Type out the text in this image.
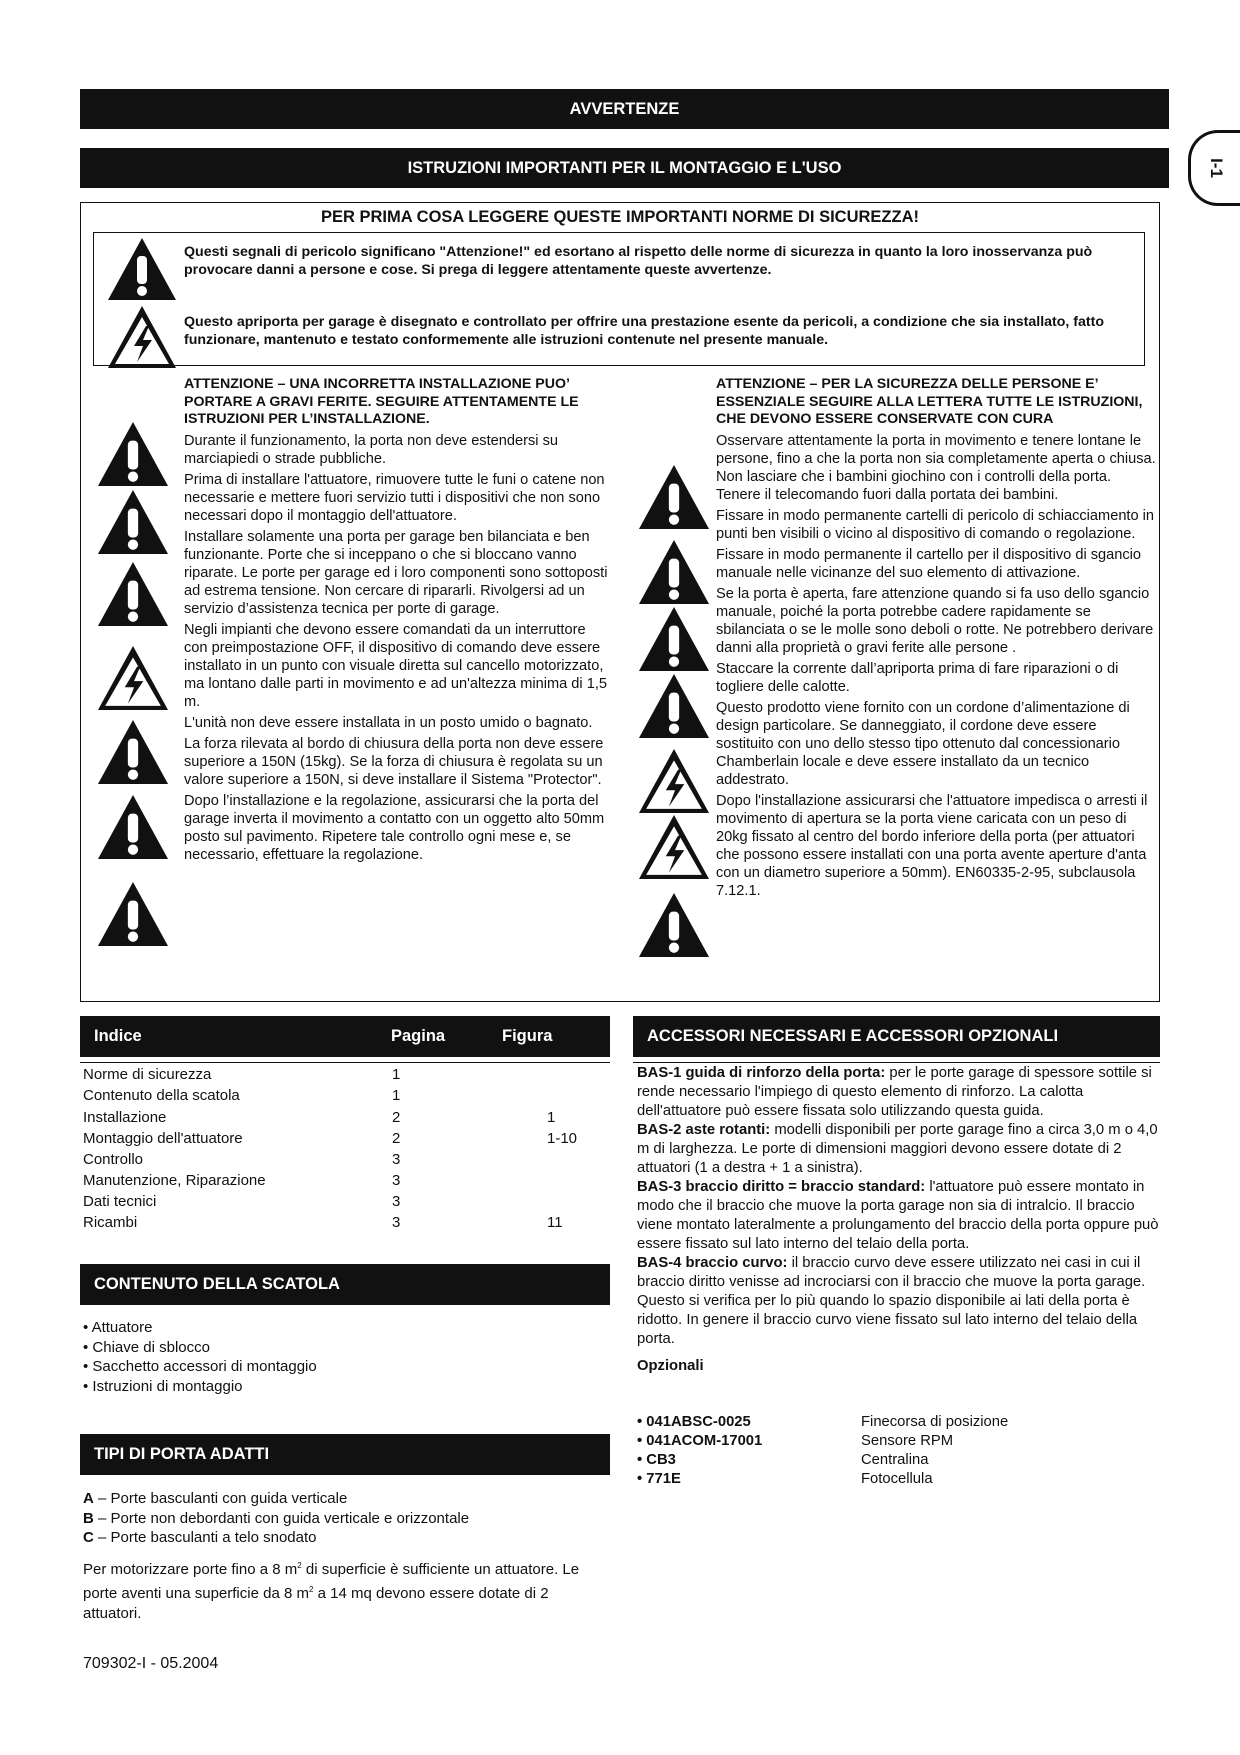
AVVERTENZE
ISTRUZIONI IMPORTANTI PER IL MONTAGGIO E L'USO	I-1
PER PRIMA COSA LEGGERE QUESTE IMPORTANTI NORME DI SICUREZZA!
Questi segnali di pericolo significano "Attenzione!" ed esortano al rispetto delle norme di sicurezza in quanto la loro inosservanza può provocare danni a persone e cose. Si prega di leggere attentamente queste avvertenze.
Questo apriporta per garage è disegnato e controllato per offrire una prestazione esente da pericoli, a condizione che sia installato, fatto funzionare, mantenuto e testato conformemente alle istruzioni contenute nel presente manuale.
ATTENZIONE – UNA INCORRETTA INSTALLAZIONE PUO’ PORTARE A GRAVI FERITE. SEGUIRE ATTENTAMENTE LE ISTRUZIONI PER L’INSTALLAZIONE.

Durante il funzionamento, la porta non deve estendersi su marciapiedi o strade pubbliche.

Prima di installare l'attuatore, rimuovere tutte le funi o catene non necessarie e mettere fuori servizio tutti i dispositivi che non sono necessari dopo il montaggio dell'attuatore.

Installare solamente una porta per garage ben bilanciata e ben funzionante. Porte che si inceppano o che si bloccano vanno riparate. Le porte per garage ed i loro componenti sono sottoposti ad estrema tensione. Non cercare di ripararli. Rivolgersi ad un servizio d’assistenza tecnica per porte di garage.

Negli impianti che devono essere comandati da un interruttore con preimpostazione OFF, il dispositivo di comando deve essere installato in un punto con visuale diretta sul cancello motorizzato, ma lontano dalle parti in movimento e ad un'altezza minima di 1,5 m.

L'unità non deve essere installata in un posto umido o bagnato.

La forza rilevata al bordo di chiusura della porta non deve essere superiore a 150N (15kg). Se la forza di chiusura è regolata su un valore superiore a 150N, si deve installare il Sistema "Protector".

Dopo l’installazione e la regolazione, assicurarsi che la porta del garage inverta il movimento a contatto con un oggetto alto 50mm posto sul pavimento. Ripetere tale controllo ogni mese e, se necessario, effettuare la regolazione.

ATTENZIONE – PER LA SICUREZZA DELLE PERSONE E’ ESSENZIALE SEGUIRE ALLA LETTERA TUTTE LE ISTRUZIONI, CHE DEVONO ESSERE CONSERVATE CON CURA

Osservare attentamente la porta in movimento e tenere lontane le persone, fino a che la porta non sia completamente aperta o chiusa. Non lasciare che i bambini giochino con i controlli della porta. Tenere il telecomando fuori dalla portata dei bambini.

Fissare in modo permanente cartelli di pericolo di schiacciamento in punti ben visibili o vicino al dispositivo di comando o regolazione.

Fissare in modo permanente il cartello per il dispositivo di sgancio manuale nelle vicinanze del suo elemento di attivazione.

Se la porta è aperta, fare attenzione quando si fa uso dello sgancio manuale, poiché la porta potrebbe cadere rapidamente se sbilanciata o se le molle sono deboli o rotte. Ne potrebbero derivare danni alla proprietà o gravi ferite alle persone .

Staccare la corrente dall’apriporta prima di fare riparazioni o di togliere delle calotte.

Questo prodotto viene fornito con un cordone d’alimentazione di design particolare. Se danneggiato, il cordone deve essere sostituito con uno dello stesso tipo ottenuto dal concessionario Chamberlain locale e deve essere installato da un tecnico addestrato.

Dopo l'installazione assicurarsi che l'attuatore impedisca o arresti il movimento di apertura se la porta viene caricata con un peso di 20kg fissato al centro del bordo inferiore della porta (per attuatori che possono essere installati con una porta avente aperture d'anta con un diametro superiore a 50mm). EN60335-2-95, subclausola 7.12.1.

Indice	Pagina	Figura
Norme di sicurezza	1
Contenuto della scatola	1
Installazione	2	1
Montaggio dell'attuatore	2	1-10
Controllo	3
Manutenzione, Riparazione	3
Dati tecnici	3
Ricambi	3	11
CONTENUTO DELLA SCATOLA
• Attuatore
• Chiave di sblocco
• Sacchetto accessori di montaggio
• Istruzioni di montaggio
TIPI DI PORTA ADATTI
A – Porte basculanti con guida verticale
B – Porte non debordanti con guida verticale e orizzontale
C – Porte basculanti a telo snodato
Per motorizzare porte fino a 8 $m^2$ di superficie è sufficiente un attuatore. Le porte aventi una superficie da 8 $m^2$ a 14 mq devono essere dotate di 2 attuatori.
ACCESSORI NECESSARI E ACCESSORI OPZIONALI

BAS-1 guida di rinforzo della porta: per le porte garage di spessore sottile si rende necessario l'impiego di questo elemento di rinforzo. La calotta dell'attuatore può essere fissata solo utilizzando questa guida.

BAS-2 aste rotanti: modelli disponibili per porte garage fino a circa 3,0 m o 4,0 m di larghezza. Le porte di dimensioni maggiori devono essere dotate di 2 attuatori (1 a destra + 1 a sinistra).

BAS-3 braccio diritto = braccio standard: l'attuatore può essere montato in modo che il braccio che muove la porta garage non sia di intralcio. Il braccio viene montato lateralmente a prolungamento del braccio della porta oppure può essere fissato sul lato interno del telaio della porta.

BAS-4 braccio curvo: il braccio curvo deve essere utilizzato nei casi in cui il braccio diritto venisse ad incrociarsi con il braccio che muove la porta garage. Questo si verifica per lo più quando lo spazio disponibile ai lati della porta è ridotto. In genere il braccio curvo viene fissato sul lato interno del telaio della porta.

Opzionali

• 041ABSC-0025	Finecorsa di posizione
• 041ACOM-17001	Sensore RPM
• CB3	Centralina
• 771E	Fotocellula
709302-I - 05.2004
